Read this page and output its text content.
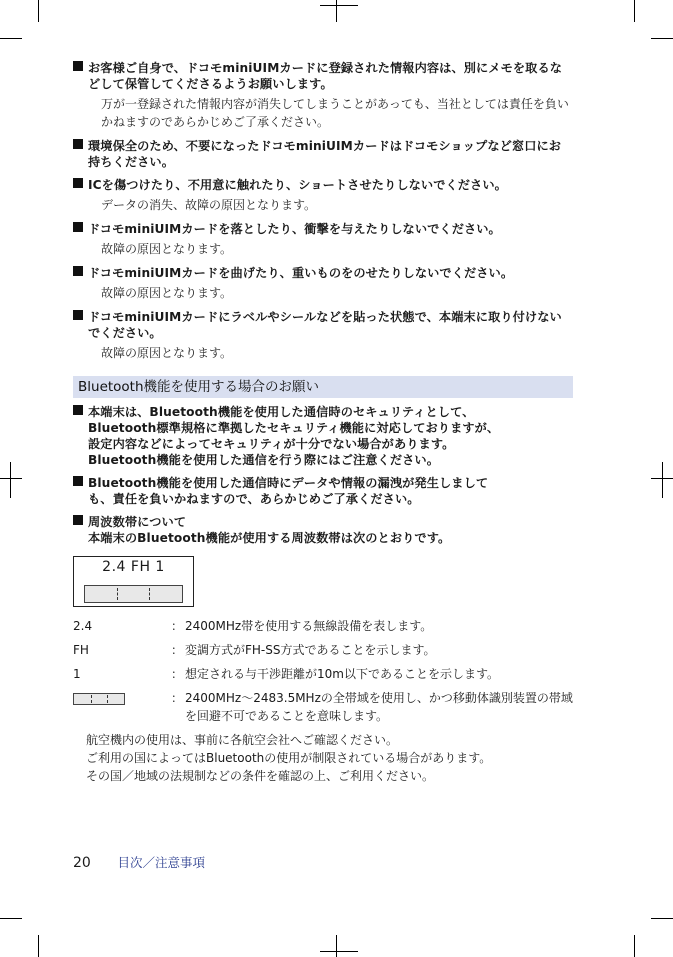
お客様ご自身で、ドコモminiUIMカードに登録された情報内容は、別にメモを取るなどして保管してくださるようお願いします。
万が一登録された情報内容が消失してしまうことがあっても、当社としては責任を負いかねますのであらかじめご了承ください。
環境保全のため、不要になったドコモminiUIMカードはドコモショップなど窓口にお持ちください。
ICを傷つけたり、不用意に触れたり、ショートさせたりしないでください。
データの消失、故障の原因となります。
ドコモminiUIMカードを落としたり、衝撃を与えたりしないでください。
故障の原因となります。
ドコモminiUIMカードを曲げたり、重いものをのせたりしないでください。
故障の原因となります。
ドコモminiUIMカードにラベルやシールなどを貼った状態で、本端末に取り付けないでください。
故障の原因となります。
Bluetooth機能を使用する場合のお願い
本端末は、Bluetooth機能を使用した通信時のセキュリティとして、
Bluetooth標準規格に準拠したセキュリティ機能に対応しておりますが、
設定内容などによってセキュリティが十分でない場合があります。
Bluetooth機能を使用した通信を行う際にはご注意ください。
Bluetooth機能を使用した通信時にデータや情報の漏洩が発生しまして
も、責任を負いかねますので、あらかじめご了承ください。
周波数帯について
本端末のBluetooth機能が使用する周波数帯は次のとおりです。
2.4 FH 1
2.4	： 2400MHz帯を使用する無線設備を表します。
FH	： 変調方式がFH-SS方式であることを示します。
1	： 想定される与干渉距離が10m以下であることを示します。
： 2400MHz～2483.5MHzの全帯域を使用し、かつ移動体識別装置の帯域を回避不可であることを意味します。
航空機内の使用は、事前に各航空会社へご確認ください。
ご利用の国によってはBluetoothの使用が制限されている場合があります。
その国／地域の法規制などの条件を確認の上、ご利用ください。
20 目次／注意事項
